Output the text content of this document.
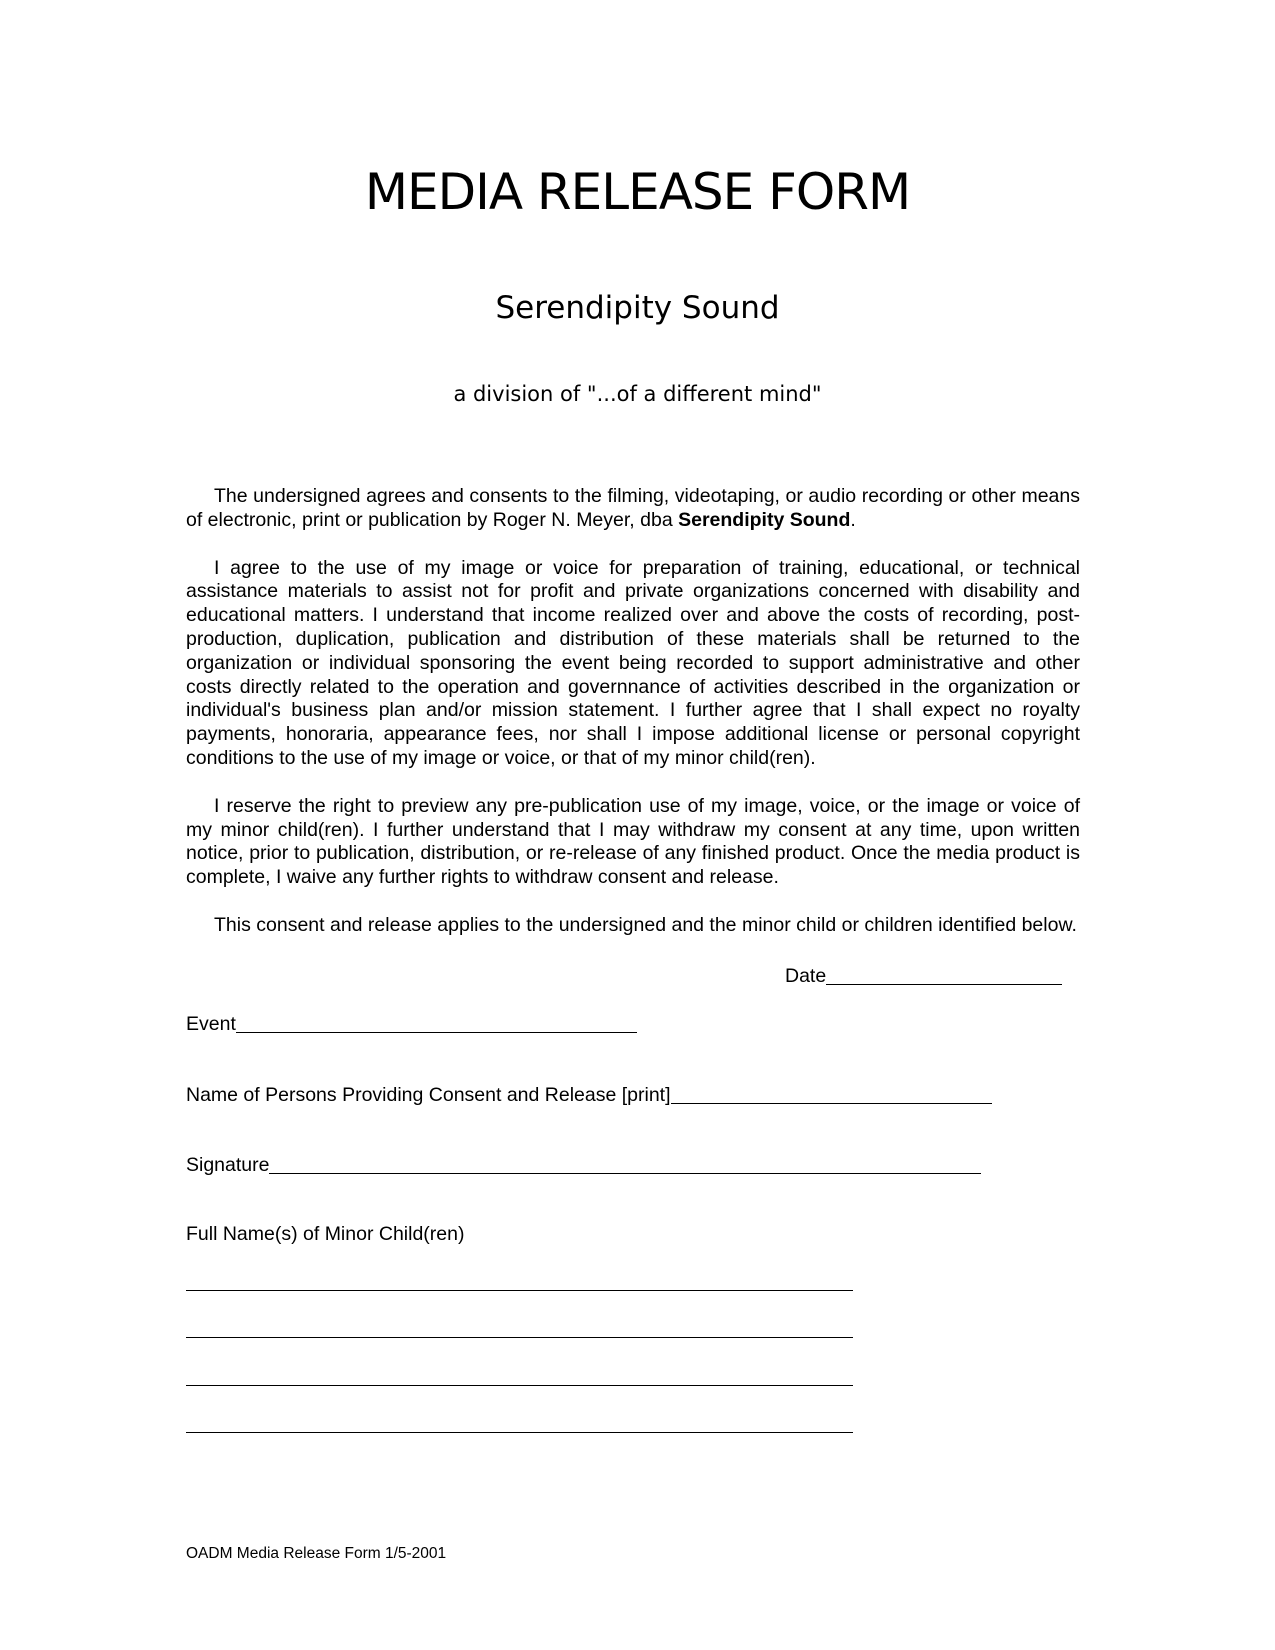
MEDIA RELEASE FORM
Serendipity Sound
a division of "...of a different mind"

The undersigned agrees and consents to the filming, videotaping, or audio recording or other means of electronic, print or publication by Roger N. Meyer, dba Serendipity Sound.

I agree to the use of my image or voice for preparation of training, educational, or technical assistance materials to assist not for profit and private organizations concerned with disability and educational matters. I understand that income realized over and above the costs of recording, post-production, duplication, publication and distribution of these materials shall be returned to the organization or individual sponsoring the event being recorded to support administrative and other costs directly related to the operation and governnance of activities described in the organization or individual's business plan and/or mission statement. I further agree that I shall expect no royalty payments, honoraria, appearance fees, nor shall I impose additional license or personal copyright conditions to the use of my image or voice, or that of my minor child(ren).

I reserve the right to preview any pre-publication use of my image, voice, or the image or voice of my minor child(ren). I further understand that I may withdraw my consent at any time, upon written notice, prior to publication, distribution, or re-release of any finished product. Once the media product is complete, I waive any further rights to withdraw consent and release.

This consent and release applies to the undersigned and the minor child or children identified below.

Date
Event
Name of Persons Providing Consent and Release [print]
Signature
Full Name(s) of Minor Child(ren)
OADM Media Release Form 1/5-2001
